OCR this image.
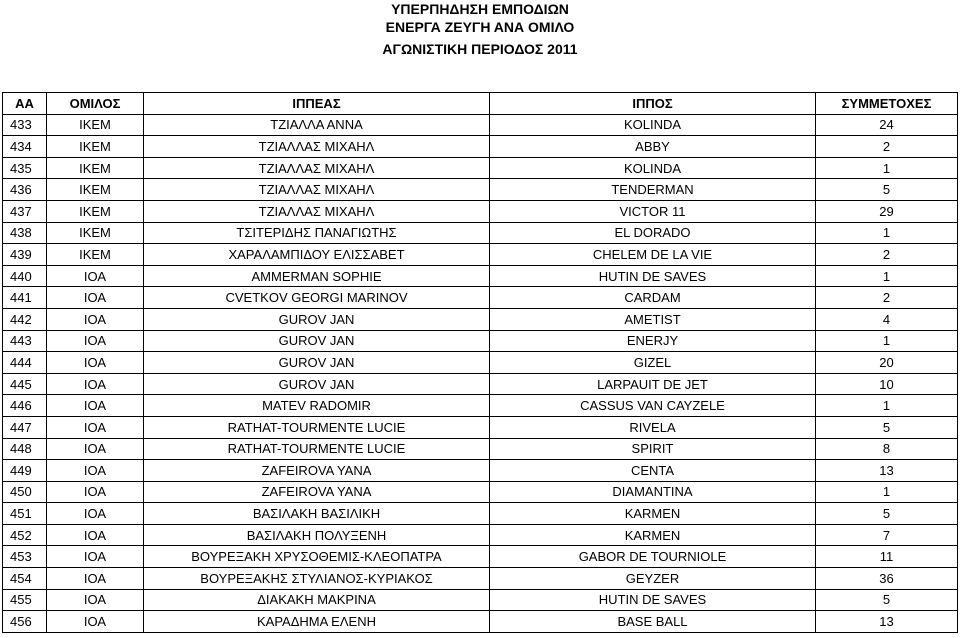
ΥΠΕΡΠΗΔΗΣΗ ΕΜΠΟΔΙΩΝ
ΕΝΕΡΓΑ ΖΕΥΓΗ ΑΝΑ ΟΜΙΛΟ
ΑΓΩΝΙΣΤΙΚΗ ΠΕΡΙΟΔΟΣ 2011
ΑΑ	ΟΜΙΛΟΣ	ΙΠΠΕΑΣ	ΙΠΠΟΣ	ΣΥΜΜΕΤΟΧΕΣ
433	ΙΚΕΜ	ΤΖΙΑΛΛΑ ΑΝΝΑ	KOLINDA	24
434	ΙΚΕΜ	ΤΖΙΑΛΛΑΣ ΜΙΧΑΗΛ	ABBY	2
435	ΙΚΕΜ	ΤΖΙΑΛΛΑΣ ΜΙΧΑΗΛ	KOLINDA	1
436	ΙΚΕΜ	ΤΖΙΑΛΛΑΣ ΜΙΧΑΗΛ	TENDERMAN	5
437	ΙΚΕΜ	ΤΖΙΑΛΛΑΣ ΜΙΧΑΗΛ	VICTOR 11	29
438	ΙΚΕΜ	ΤΣΙΤΕΡΙΔΗΣ ΠΑΝΑΓΙΩΤΗΣ	EL DORADO	1
439	ΙΚΕΜ	ΧΑΡΑΛΑΜΠΙΔΟΥ ΕΛΙΣΣΑΒΕΤ	CHELEM DE LA VIE	2
440	ΙΟΑ	AMMERMAN SOPHIE	HUTIN DE SAVES	1
441	ΙΟΑ	CVETKOV GEORGI MARINOV	CARDAM	2
442	ΙΟΑ	GUROV JAN	AMETIST	4
443	ΙΟΑ	GUROV JAN	ENERJY	1
444	ΙΟΑ	GUROV JAN	GIZEL	20
445	ΙΟΑ	GUROV JAN	LARPAUIT DE JET	10
446	ΙΟΑ	MATEV RADOMIR	CASSUS VAN CAYZELE	1
447	ΙΟΑ	RATHAT-TOURMENTE LUCIE	RIVELA	5
448	ΙΟΑ	RATHAT-TOURMENTE LUCIE	SPIRIT	8
449	ΙΟΑ	ZAFEIROVA YANA	CENTA	13
450	ΙΟΑ	ZAFEIROVA YANA	DIAMANTINA	1
451	ΙΟΑ	ΒΑΣΙΛΑΚΗ ΒΑΣΙΛΙΚΗ	KARMEN	5
452	ΙΟΑ	ΒΑΣΙΛΑΚΗ ΠΟΛΥΞΕΝΗ	KARMEN	7
453	ΙΟΑ	ΒΟΥΡΕΞΑΚΗ ΧΡΥΣΟΘΕΜΙΣ-ΚΛΕΟΠΑΤΡΑ	GABOR DE TOURNIOLE	11
454	ΙΟΑ	ΒΟΥΡΕΞΑΚΗΣ ΣΤΥΛΙΑΝΟΣ-ΚΥΡΙΑΚΟΣ	GEYZER	36
455	ΙΟΑ	ΔΙΑΚΑΚΗ ΜΑΚΡΙΝΑ	HUTIN DE SAVES	5
456	ΙΟΑ	ΚΑΡΑΔΗΜΑ ΕΛΕΝΗ	BASE BALL	13
